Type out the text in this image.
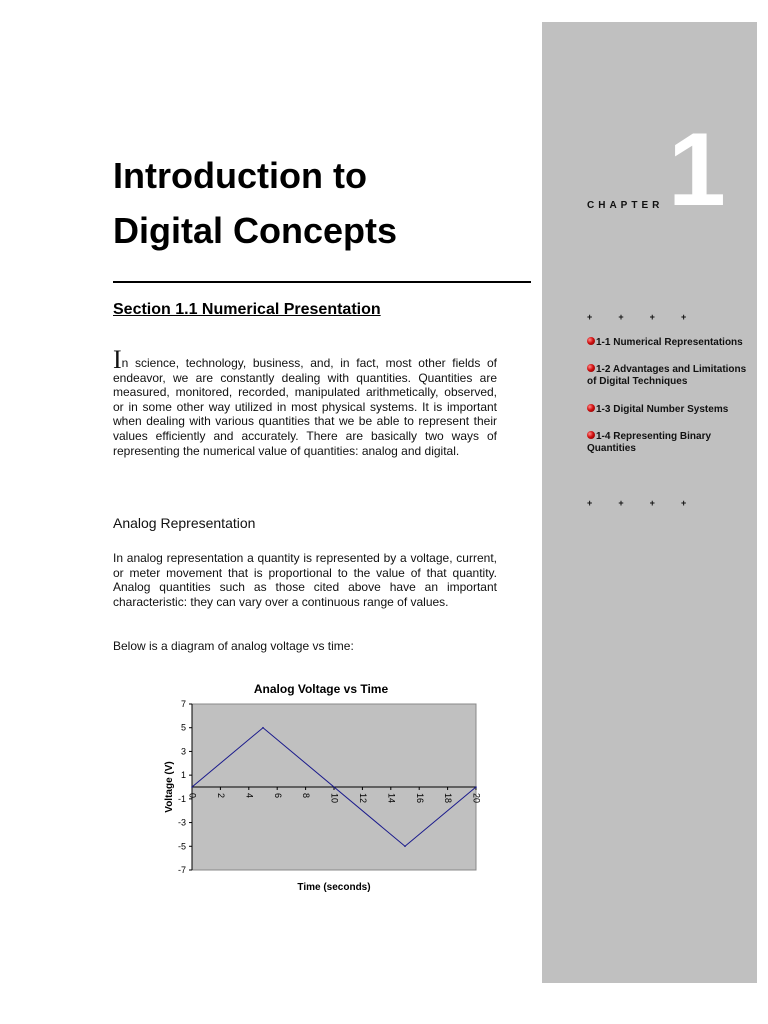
CHAPTER 1
+	+	+	+
1-1 Numerical Representations
1-2 Advantages and Limitations of Digital Techniques
1-3 Digital Number Systems
1-4 Representing Binary Quantities
+	+	+	+
Introduction to
Digital Concepts
Section 1.1 Numerical Presentation

In science, technology, business, and, in fact, most other fields of endeavor, we are constantly dealing with quantities. Quantities are measured, monitored, recorded, manipulated arithmetically, observed, or in some other way utilized in most physical systems. It is important when dealing with various quantities that we be able to represent their values efficiently and accurately. There are basically two ways of representing the numerical value of quantities: analog and digital.

Analog Representation

In analog representation a quantity is represented by a voltage, current, or meter movement that is proportional to the value of that quantity. Analog quantities such as those cited above have an important characteristic: they can vary over a continuous range of values.

Below is a diagram of analog voltage vs time:

Analog Voltage vs Time
7
5
3
1
-1
-3
-5
-7
0 2 4 6 8 10 12 14 16 18 20
Voltage (V)
Time (seconds)
